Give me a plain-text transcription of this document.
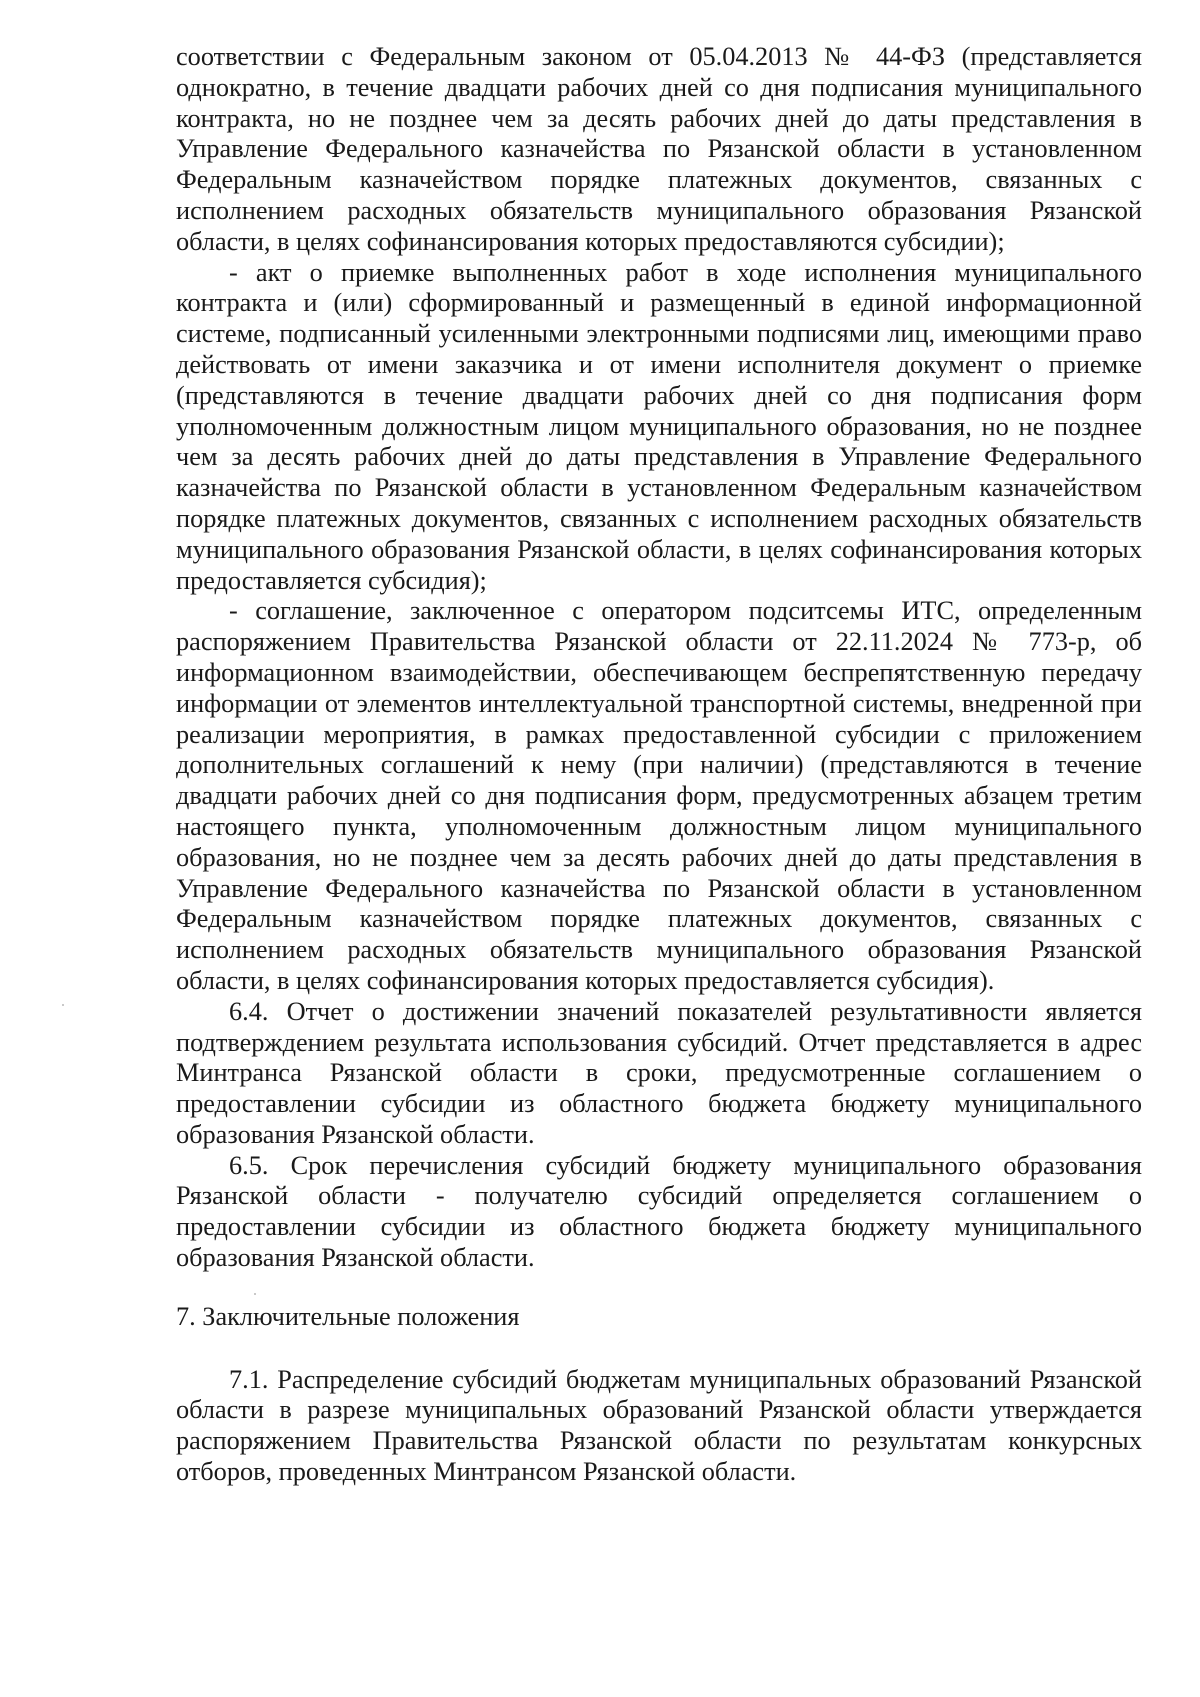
соответствии с Федеральным законом от 05.04.2013 № 44-ФЗ (представляется однократно, в течение двадцати рабочих дней со дня подписания муниципального контракта, но не позднее чем за десять рабочих дней до даты представления в Управление Федерального казначейства по Рязанской области в установленном Федеральным казначейством порядке платежных документов, связанных с исполнением расходных обязательств муниципального образования Рязанской области, в целях софинансирования которых предоставляются субсидии);

- акт о приемке выполненных работ в ходе исполнения муниципального контракта и (или) сформированный и размещенный в единой информационной системе, подписанный усиленными электронными подписями лиц, имеющими право действовать от имени заказчика и от имени исполнителя документ о приемке (представляются в течение двадцати рабочих дней со дня подписания форм уполномоченным должностным лицом муниципального образования, но не позднее чем за десять рабочих дней до даты представления в Управление Федерального казначейства по Рязанской области в установленном Федеральным казначейством порядке платежных документов, связанных с исполнением расходных обязательств муниципального образования Рязанской области, в целях софинансирования которых предоставляется субсидия);

- соглашение, заключенное с оператором подситсемы ИТС, определенным распоряжением Правительства Рязанской области от 22.11.2024 № 773-р, об информационном взаимодействии, обеспечивающем беспрепятственную передачу информации от элементов интеллектуальной транспортной системы, внедренной при реализации мероприятия, в рамках предоставленной субсидии с приложением дополнительных соглашений к нему (при наличии) (представляются в течение двадцати рабочих дней со дня подписания форм, предусмотренных абзацем третим настоящего пункта, уполномоченным должностным лицом муниципального образования, но не позднее чем за десять рабочих дней до даты представления в Управление Федерального казначейства по Рязанской области в установленном Федеральным казначейством порядке платежных документов, связанных с исполнением расходных обязательств муниципального образования Рязанской области, в целях софинансирования которых предоставляется субсидия).

6.4. Отчет о достижении значений показателей результативности является подтверждением результата использования субсидий. Отчет представляется в адрес Минтранса Рязанской области в сроки, предусмотренные соглашением о предоставлении субсидии из областного бюджета бюджету муниципального образования Рязанской области.

6.5. Срок перечисления субсидий бюджету муниципального образования Рязанской области - получателю субсидий определяется соглашением о предоставлении субсидии из областного бюджета бюджету муниципального образования Рязанской области.

7. Заключительные положения

7.1. Распределение субсидий бюджетам муниципальных образований Рязанской области в разрезе муниципальных образований Рязанской области утверждается распоряжением Правительства Рязанской области по результатам конкурсных отборов, проведенных Минтрансом Рязанской области.
